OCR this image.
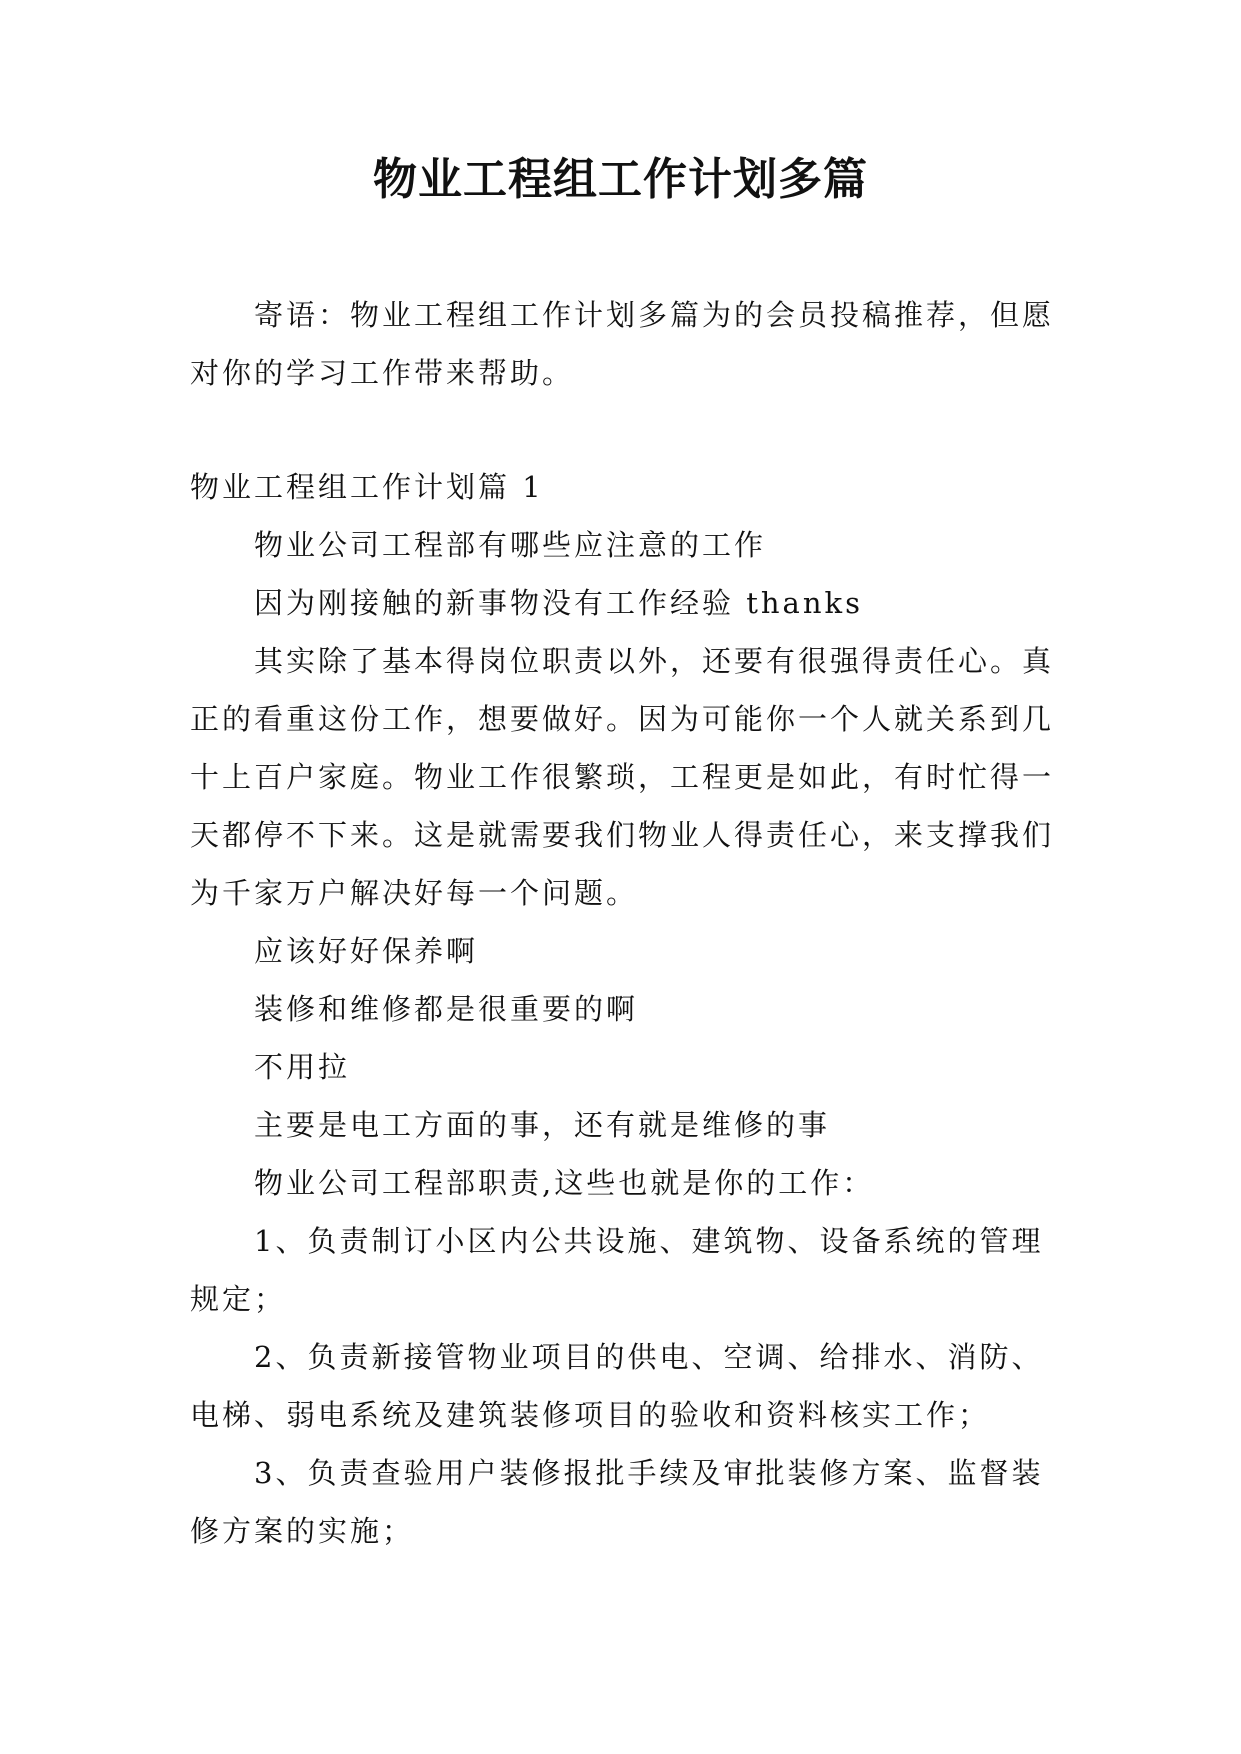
物业工程组工作计划多篇

寄语：物业工程组工作计划多篇为的会员投稿推荐，但愿对你的学习工作带来帮助。

物业工程组工作计划篇 1

物业公司工程部有哪些应注意的工作

因为刚接触的新事物没有工作经验 thanks

其实除了基本得岗位职责以外，还要有很强得责任心。真正的看重这份工作，想要做好。因为可能你一个人就关系到几十上百户家庭。物业工作很繁琐，工程更是如此，有时忙得一天都停不下来。这是就需要我们物业人得责任心，来支撑我们为千家万户解决好每一个问题。

应该好好保养啊

装修和维修都是很重要的啊

不用拉

主要是电工方面的事，还有就是维修的事

物业公司工程部职责,这些也就是你的工作：

1、负责制订小区内公共设施、建筑物、设备系统的管理规定；

2、负责新接管物业项目的供电、空调、给排水、消防、电梯、弱电系统及建筑装修项目的验收和资料核实工作；

3、负责查验用户装修报批手续及审批装修方案、监督装修方案的实施；
